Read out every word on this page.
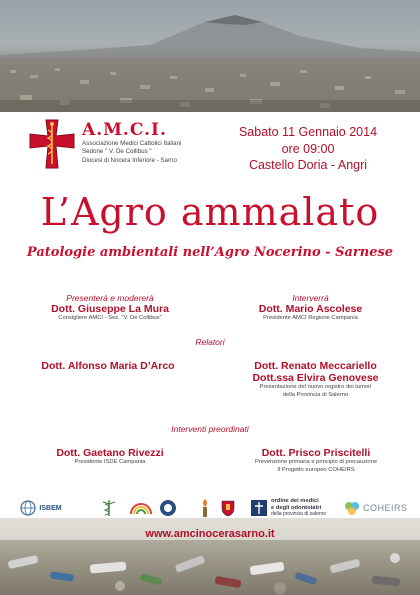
A.M.C.I.
Associazione Medici Cattolici Italiani
Sedone " V. De Collibus "
Diocesi di Nocera Inferiore - Sarno
Sabato 11 Gennaio 2014
ore 09:00
Castello Doria - Angri
L’Agro ammalato
Patologie ambientali nell’Agro Nocerino - Sarnese
Presenterà e modererà
Dott. Giuseppe La Mura
Consigliere AMCI - Sez. "V. De Collibus"
Interverrà
Dott. Mario Ascolese
Presidente AMCI Regione Campania
Relatori
Dott. Alfonso Maria D’Arco	Dott. Renato Meccariello
Dott.ssa Elvira Genovese
Presentazione del nuovo registro dei tumori
della Provincia di Salerno
Interventi preordinati
Dott. Gaetano Rivezzi
Presidente ISDE Campania
Dott. Prisco Priscitelli
Prevenzione primaria e principio di precauzione
Il Progetto europeo COHEIRS
ISBEM
ordine dei medici
e degli odontoiatri
della provincia di salerno
COHEIRS
www.amcinocerasarno.it
